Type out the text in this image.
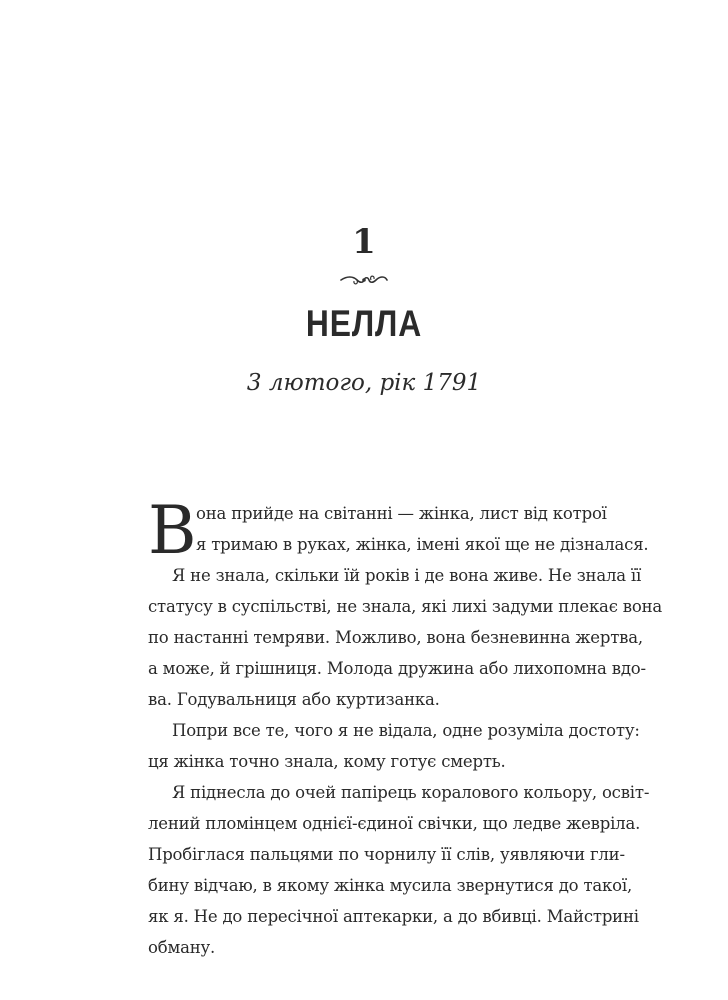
1
НЕЛЛА
3 лютого, рік 1791
В она прийде на світанні — жінка, лист від котрої
я тримаю в руках, жінка, імені якої ще не дізналася.
Я не знала, скільки їй років і де вона живе. Не знала її
статусу в суспільстві, не знала, які лихі задуми плекає вона
по настанні темряви. Можливо, вона безневинна жертва,
а може, й грішниця. Молода дружина або лихопомна вдо-
ва. Годувальниця або куртизанка.
Попри все те, чого я не відала, одне розуміла достоту:
ця жінка точно знала, кому готує смерть.
Я піднесла до очей папірець коралового кольору, освіт-
лений пломінцем однієї-єдиної свічки, що ледве жевріла.
Пробіглася пальцями по чорнилу її слів, уявляючи гли-
бину відчаю, в якому жінка мусила звернутися до такої,
як я. Не до пересічної аптекарки, а до вбивці. Майстрині
обману.
